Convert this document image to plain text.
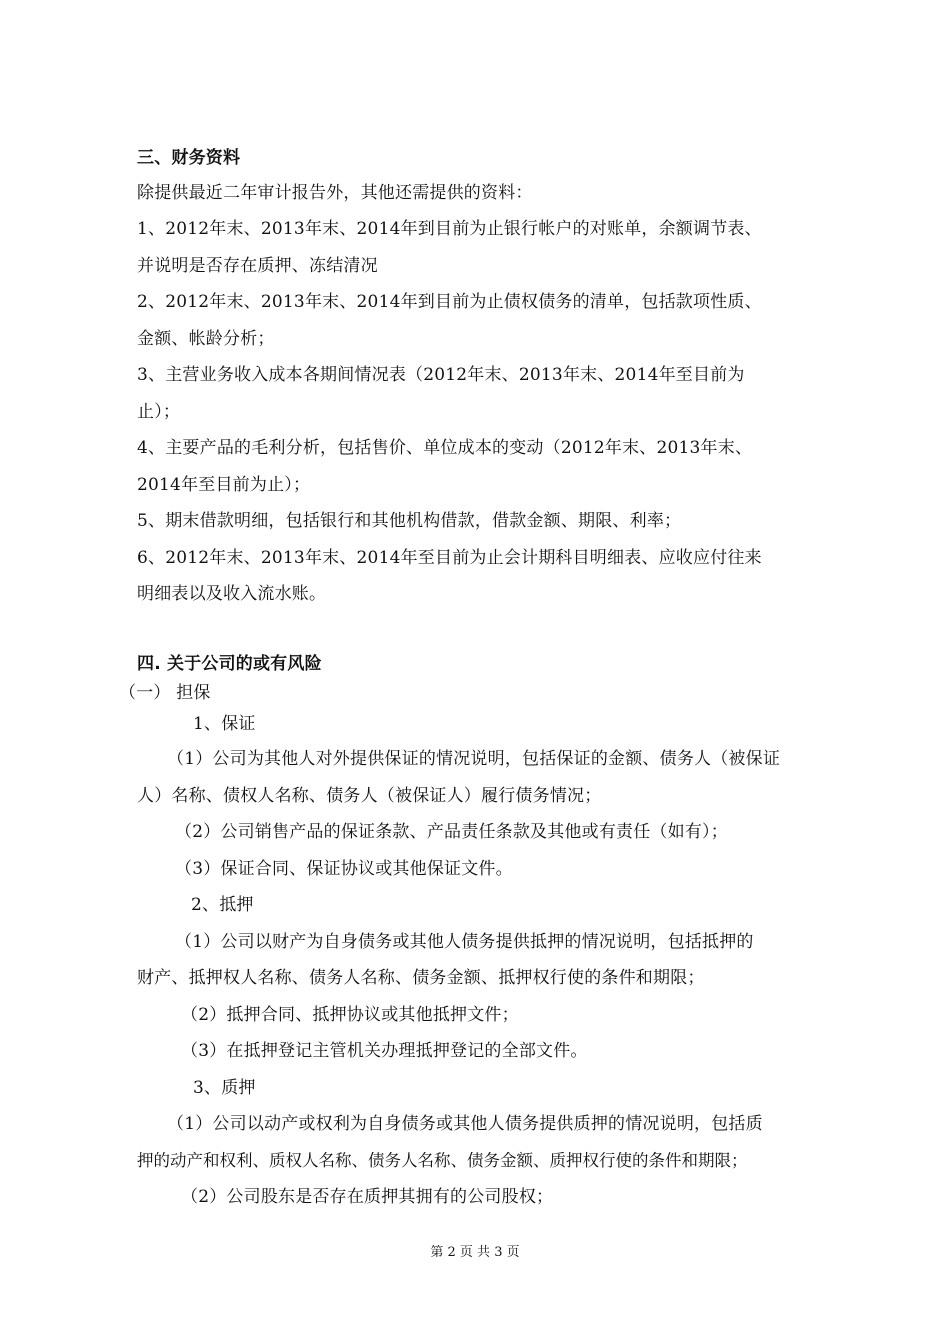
三、财务资料
除提供最近二年审计报告外，其他还需提供的资料：
1、2012年末、2013年末、2014年到目前为止银行帐户的对账单，余额调节表、
并说明是否存在质押、冻结清况
2、2012年末、2013年末、2014年到目前为止债权债务的清单，包括款项性质、
金额、帐龄分析；
3、主营业务收入成本各期间情况表（2012年末、2013年末、2014年至目前为
止）；
4、主要产品的毛利分析，包括售价、单位成本的变动（2012年末、2013年末、
2014年至目前为止）；
5、期末借款明细，包括银行和其他机构借款，借款金额、期限、利率；
6、2012年末、2013年末、2014年至目前为止会计期科目明细表、应收应付往来
明细表以及收入流水账。
四. 关于公司的或有风险
（一） 担保
1、保证
（1）公司为其他人对外提供保证的情况说明，包括保证的金额、债务人（被保证
人）名称、债权人名称、债务人（被保证人）履行债务情况；
（2）公司销售产品的保证条款、产品责任条款及其他或有责任（如有）；
（3）保证合同、保证协议或其他保证文件。
2、抵押
（1）公司以财产为自身债务或其他人债务提供抵押的情况说明，包括抵押的
财产、抵押权人名称、债务人名称、债务金额、抵押权行使的条件和期限；
（2）抵押合同、抵押协议或其他抵押文件；
（3）在抵押登记主管机关办理抵押登记的全部文件。
3、质押
（1）公司以动产或权利为自身债务或其他人债务提供质押的情况说明，包括质
押的动产和权利、质权人名称、债务人名称、债务金额、质押权行使的条件和期限；
（2）公司股东是否存在质押其拥有的公司股权；
第 2 页 共 3 页
